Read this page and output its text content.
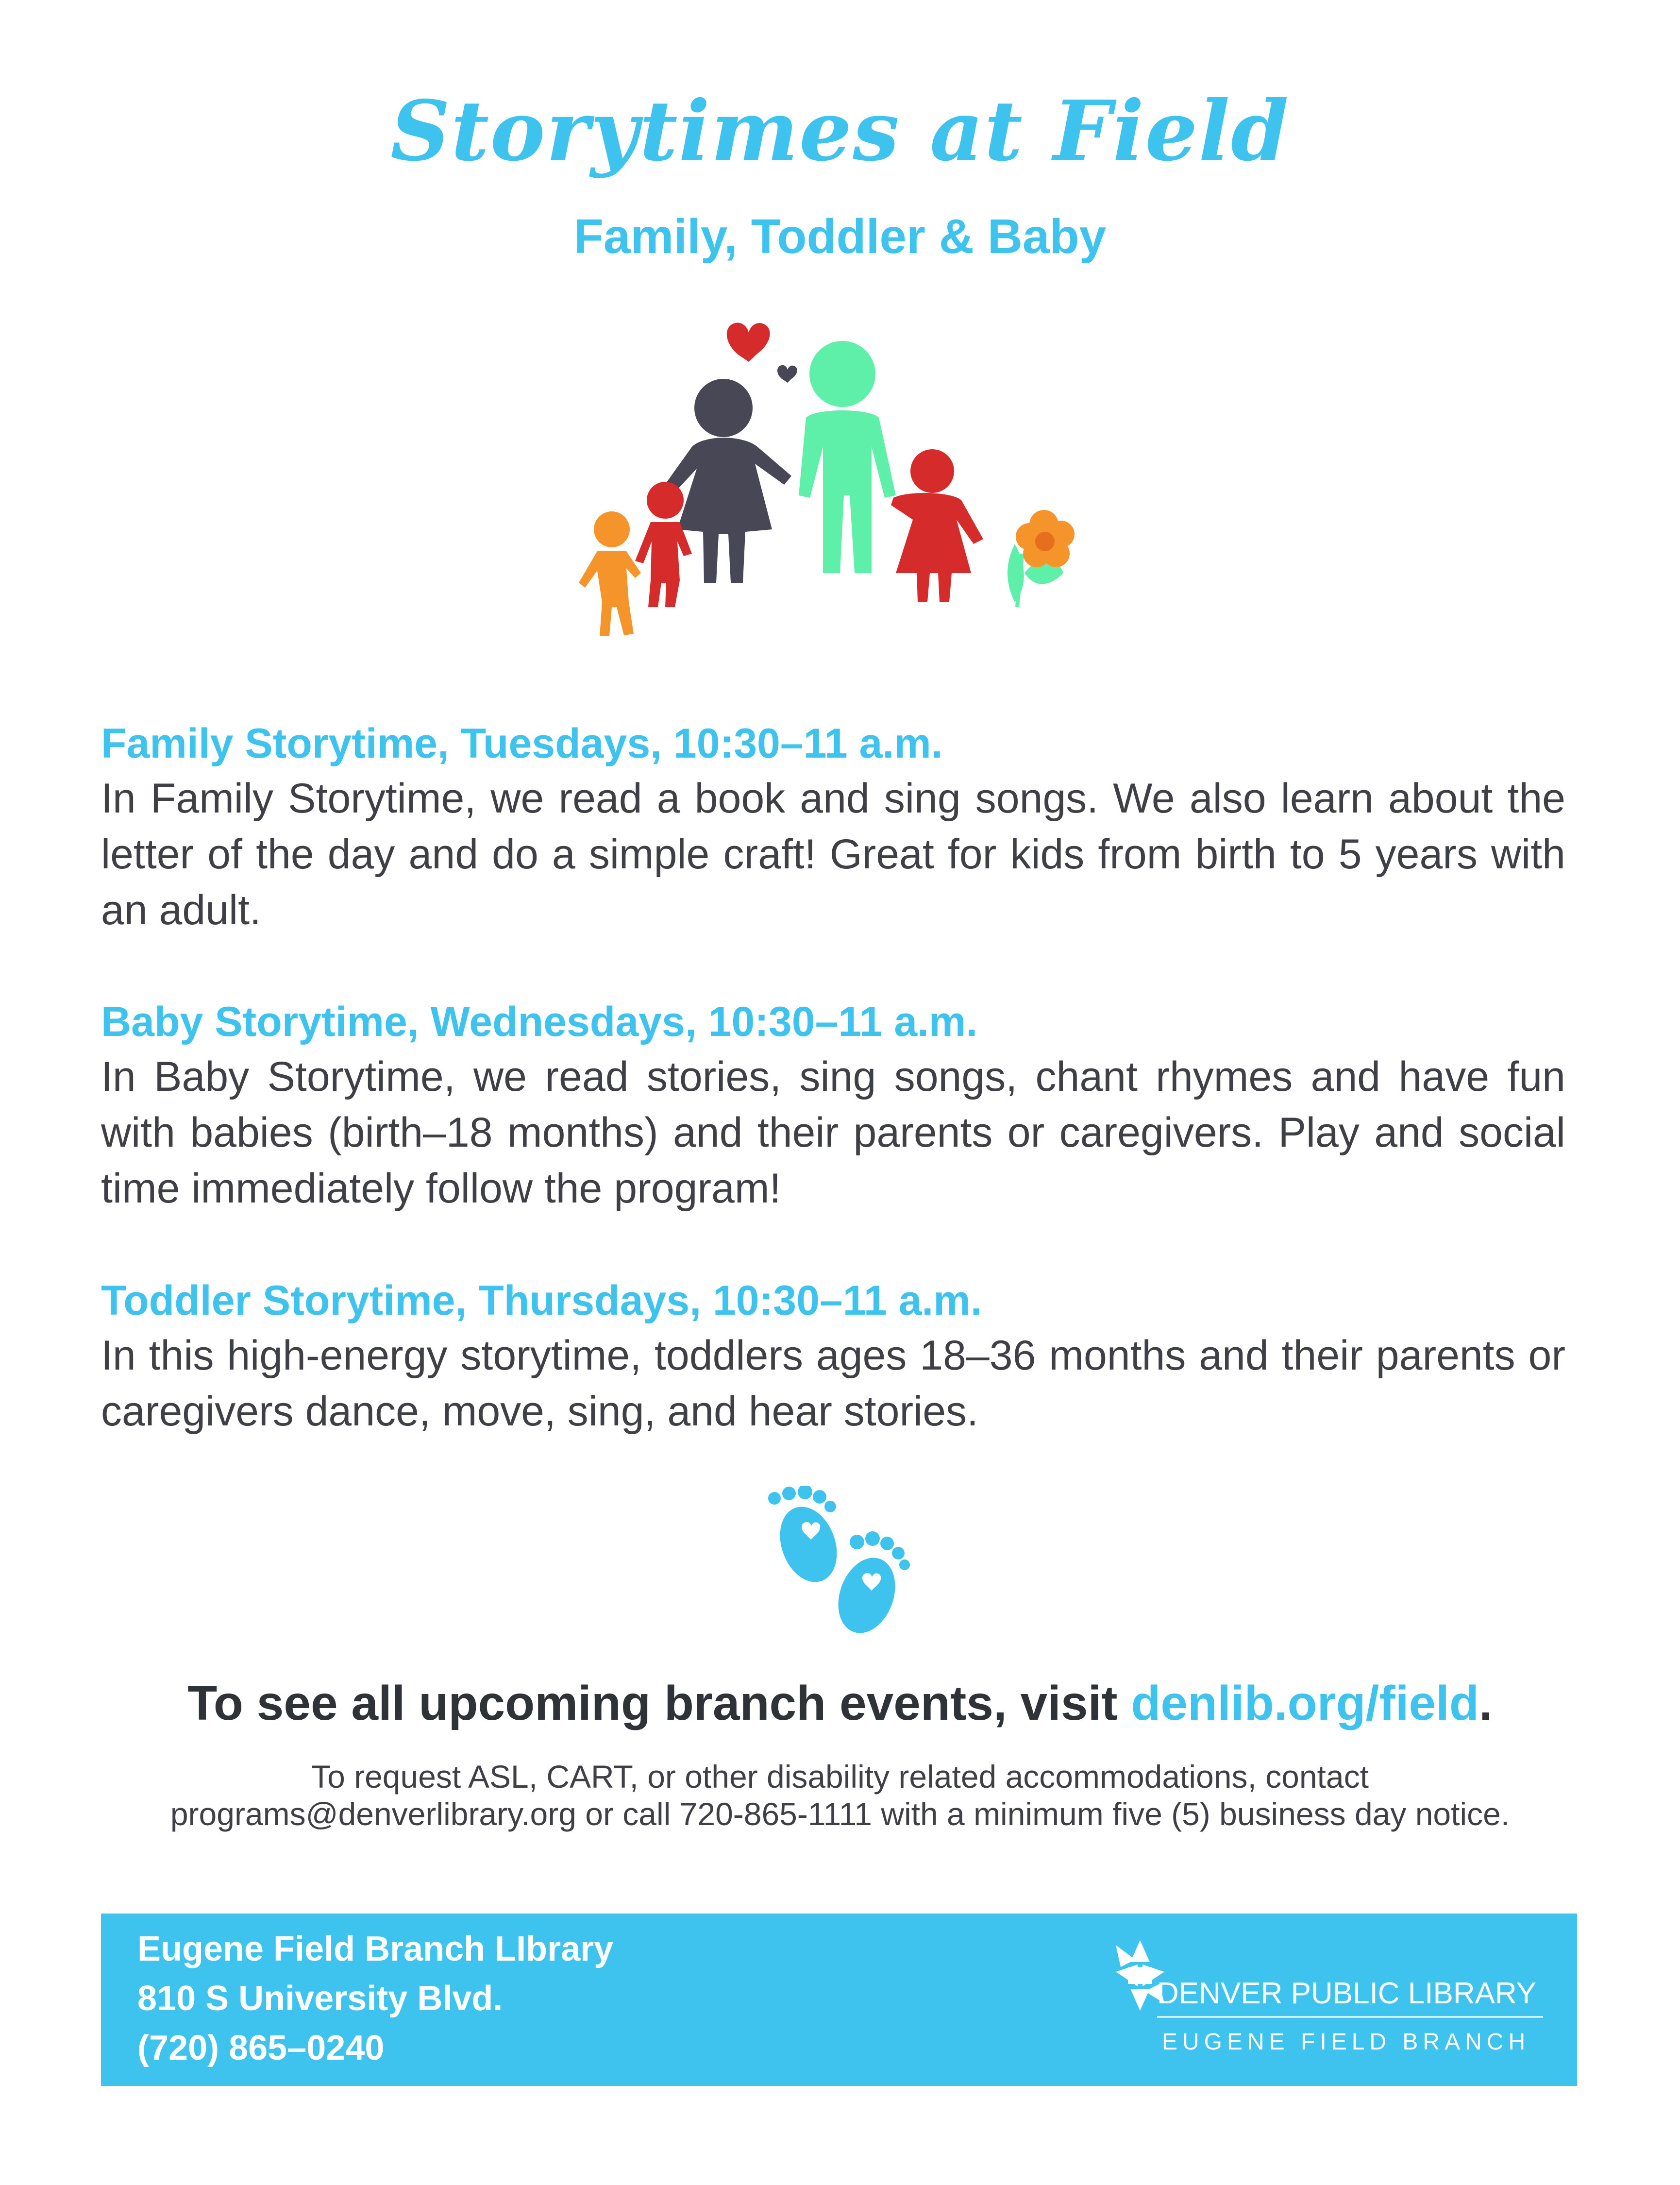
Storytimes at Field
Family, Toddler & Baby
Family Storytime, Tuesdays, 10:30–11 a.m.

In Family Storytime, we read a book and sing songs. We also learn about the letter of the day and do a simple craft! Great for kids from birth to 5 years with an adult.

Baby Storytime, Wednesdays, 10:30–11 a.m.

In Baby Storytime, we read stories, sing songs, chant rhymes and have fun with babies (birth–18 months) and their parents or caregivers. Play and social time immediately follow the program!

Toddler Storytime, Thursdays, 10:30–11 a.m.

In this high-energy storytime, toddlers ages 18–36 months and their parents or caregivers dance, move, sing, and hear stories.

To see all upcoming branch events, visit denlib.org/field.

To request ASL, CART, or other disability related accommodations, contact programs@denverlibrary.org or call 720-865-1111 with a minimum five (5) business day notice.

Eugene Field Branch LIbrary
810 S University Blvd.
(720) 865–0240
DENVER PUBLIC LIBRARY
EUGENE FIELD BRANCH
